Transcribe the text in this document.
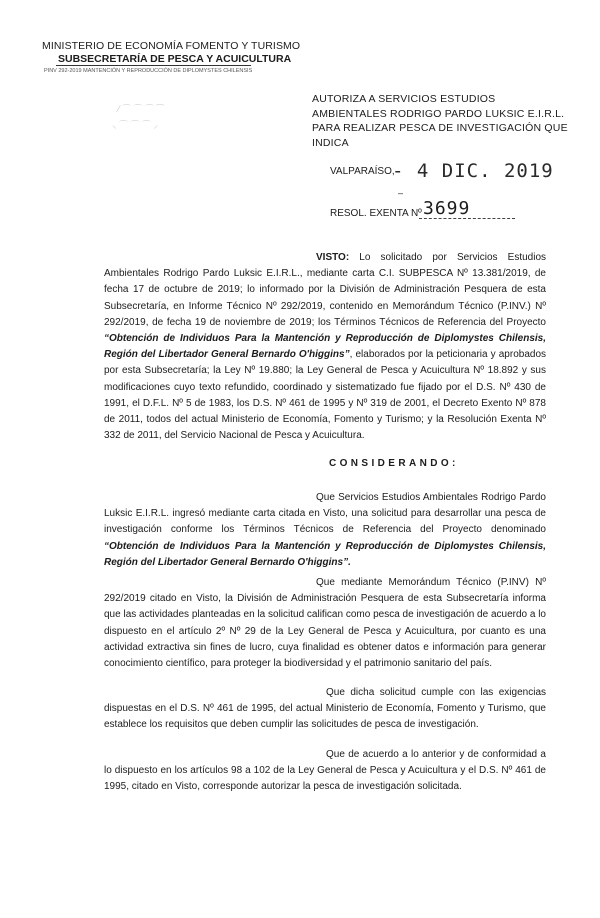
MINISTERIO DE ECONOMÍA FOMENTO Y TURISMO
SUBSECRETARÍA DE PESCA Y ACUICULTURA
PINV 292-2019 MANTENCIÓN Y REPRODUCCIÓN DE DIPLOMYSTES CHILENSIS
⁄ ⌒ ⌒ ⌒ ⁀
⸜ ⌒ ⌒ ⌒ ⸝
AUTORIZA A SERVICIOS ESTUDIOS AMBIENTALES RODRIGO PARDO LUKSIC E.I.R.L. PARA REALIZAR PESCA DE INVESTIGACIÓN QUE INDICA
VALPARAÍSO,
- 4 DIC. 2019
–
RESOL. EXENTA Nº 3699

VISTO: Lo solicitado por Servicios Estudios Ambientales Rodrigo Pardo Luksic E.I.R.L., mediante carta C.I. SUBPESCA Nº 13.381/2019, de fecha 17 de octubre de 2019; lo informado por la División de Administración Pesquera de esta Subsecretaría, en Informe Técnico Nº 292/2019, contenido en Memorándum Técnico (P.INV.) Nº 292/2019, de fecha 19 de noviembre de 2019; los Términos Técnicos de Referencia del Proyecto “Obtención de Individuos Para la Mantención y Reproducción de Diplomystes Chilensis, Región del Libertador General Bernardo O'higgins”, elaborados por la peticionaria y aprobados por esta Subsecretaría; la Ley Nº 19.880; la Ley General de Pesca y Acuicultura Nº 18.892 y sus modificaciones cuyo texto refundido, coordinado y sistematizado fue fijado por el D.S. Nº 430 de 1991, el D.F.L. Nº 5 de 1983, los D.S. Nº 461 de 1995 y Nº 319 de 2001, el Decreto Exento Nº 878 de 2011, todos del actual Ministerio de Economía, Fomento y Turismo; y la Resolución Exenta Nº 332 de 2011, del Servicio Nacional de Pesca y Acuicultura.

CONSIDERANDO:

Que Servicios Estudios Ambientales Rodrigo Pardo Luksic E.I.R.L. ingresó mediante carta citada en Visto, una solicitud para desarrollar una pesca de investigación conforme los Términos Técnicos de Referencia del Proyecto denominado “Obtención de Individuos Para la Mantención y Reproducción de Diplomystes Chilensis, Región del Libertador General Bernardo O'higgins”.

Que mediante Memorándum Técnico (P.INV) Nº 292/2019 citado en Visto, la División de Administración Pesquera de esta Subsecretaría informa que las actividades planteadas en la solicitud califican como pesca de investigación de acuerdo a lo dispuesto en el artículo 2º Nº 29 de la Ley General de Pesca y Acuicultura, por cuanto es una actividad extractiva sin fines de lucro, cuya finalidad es obtener datos e información para generar conocimiento científico, para proteger la biodiversidad y el patrimonio sanitario del país.

Que dicha solicitud cumple con las exigencias dispuestas en el D.S. Nº 461 de 1995, del actual Ministerio de Economía, Fomento y Turismo, que establece los requisitos que deben cumplir las solicitudes de pesca de investigación.

Que de acuerdo a lo anterior y de conformidad a lo dispuesto en los artículos 98 a 102 de la Ley General de Pesca y Acuicultura y el D.S. Nº 461 de 1995, citado en Visto, corresponde autorizar la pesca de investigación solicitada.
